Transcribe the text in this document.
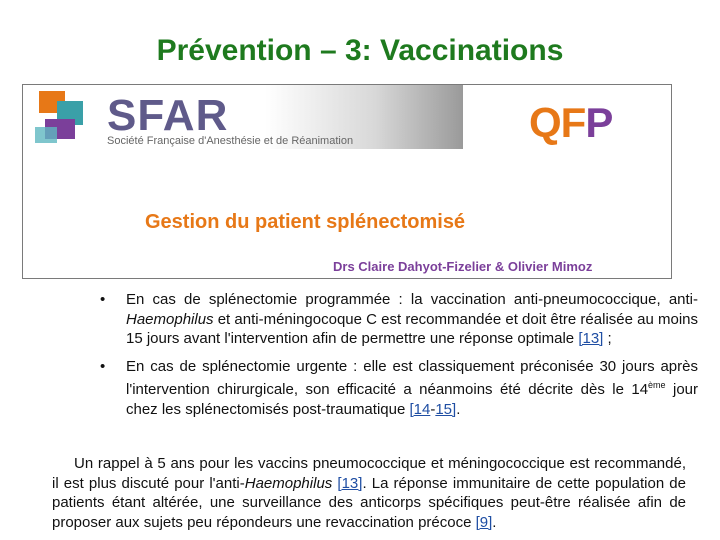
Prévention – 3: Vaccinations
SFAR
Société Française d'Anesthésie et de Réanimation	QFP
Gestion du patient splénectomisé
Drs Claire Dahyot-Fizelier & Olivier Mimoz
• En cas de splénectomie programmée : la vaccination anti-pneumococcique, anti-Haemophilus et anti-méningocoque C est recommandée et doit être réalisée au moins 15 jours avant l'intervention afin de permettre une réponse optimale [13] ;
• En cas de splénectomie urgente : elle est classiquement préconisée 30 jours après l'intervention chirurgicale, son efficacité a néanmoins été décrite dès le 14ème jour chez les splénectomisés post-traumatique [14-15].
Un rappel à 5 ans pour les vaccins pneumococcique et méningococcique est recommandé, il est plus discuté pour l'anti-Haemophilus [13]. La réponse immunitaire de cette population de patients étant altérée, une surveillance des anticorps spécifiques peut-être réalisée afin de proposer aux sujets peu répondeurs une revaccination précoce [9].
